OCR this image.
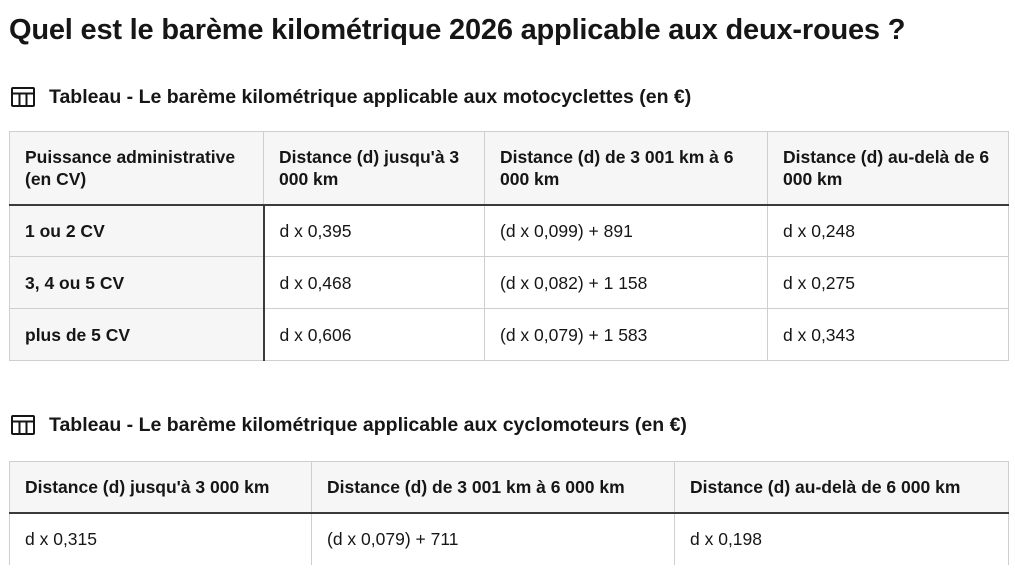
Quel est le barème kilométrique 2026 applicable aux deux-roues ?
Tableau - Le barème kilométrique applicable aux motocyclettes (en €)
Puissance administrative (en CV)	Distance (d) jusqu'à 3 000 km	Distance (d) de 3 001 km à 6 000 km	Distance (d) au-delà de 6 000 km
1 ou 2 CV	d x 0,395	(d x 0,099) + 891	d x 0,248
3, 4 ou 5 CV	d x 0,468	(d x 0,082) + 1 158	d x 0,275
plus de 5 CV	d x 0,606	(d x 0,079) + 1 583	d x 0,343
Tableau - Le barème kilométrique applicable aux cyclomoteurs (en €)
Distance (d) jusqu'à 3 000 km	Distance (d) de 3 001 km à 6 000 km	Distance (d) au-delà de 6 000 km
d x 0,315	(d x 0,079) + 711	d x 0,198
